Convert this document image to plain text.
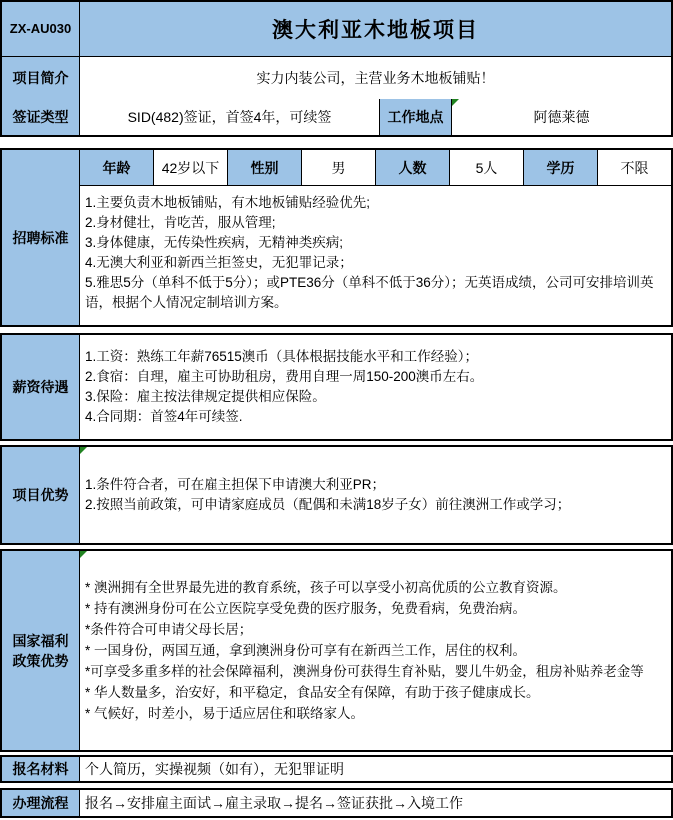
ZX-AU030	澳大利亚木地板项目
项目简介	实力内装公司，主营业务木地板铺贴！
签证类型	SID(482)签证，首签4年，可续签	工作地点	阿德莱德
招聘标准
年龄	42岁以下	性别	男	人数	5人	学历	不限
1.主要负责木地板铺贴，有木地板铺贴经验优先;
2.身材健壮，肯吃苦，服从管理;
3.身体健康，无传染性疾病，无精神类疾病;
4.无澳大利亚和新西兰拒签史，无犯罪记录；
5.雅思5分（单科不低于5分）；或PTE36分（单科不低于36分）；无英语成绩，公司可安排培训英语，根据个人情况定制培训方案。
薪资待遇
1.工资：熟练工年薪76515澳币（具体根据技能水平和工作经验）；
2.食宿：自理，雇主可协助租房，费用自理一周150-200澳币左右。
3.保险：雇主按法律规定提供相应保险。
4.合同期：首签4年可续签.
项目优势
1.条件符合者，可在雇主担保下申请澳大利亚PR；
2.按照当前政策，可申请家庭成员（配偶和未满18岁子女）前往澳洲工作或学习；
国家福利
政策优势
* 澳洲拥有全世界最先进的教育系统，孩子可以享受小初高优质的公立教育资源。
* 持有澳洲身份可在公立医院享受免费的医疗服务，免费看病，免费治病。
*条件符合可申请父母长居；
* 一国身份，两国互通，拿到澳洲身份可享有在新西兰工作，居住的权利。
*可享受多重多样的社会保障福利，澳洲身份可获得生育补贴，婴儿牛奶金，租房补贴养老金等
* 华人数量多，治安好，和平稳定，食品安全有保障，有助于孩子健康成长。
* 气候好，时差小，易于适应居住和联络家人。
报名材料	个人简历，实操视频（如有），无犯罪证明
办理流程	报名→安排雇主面试→雇主录取→提名→签证获批→入境工作
